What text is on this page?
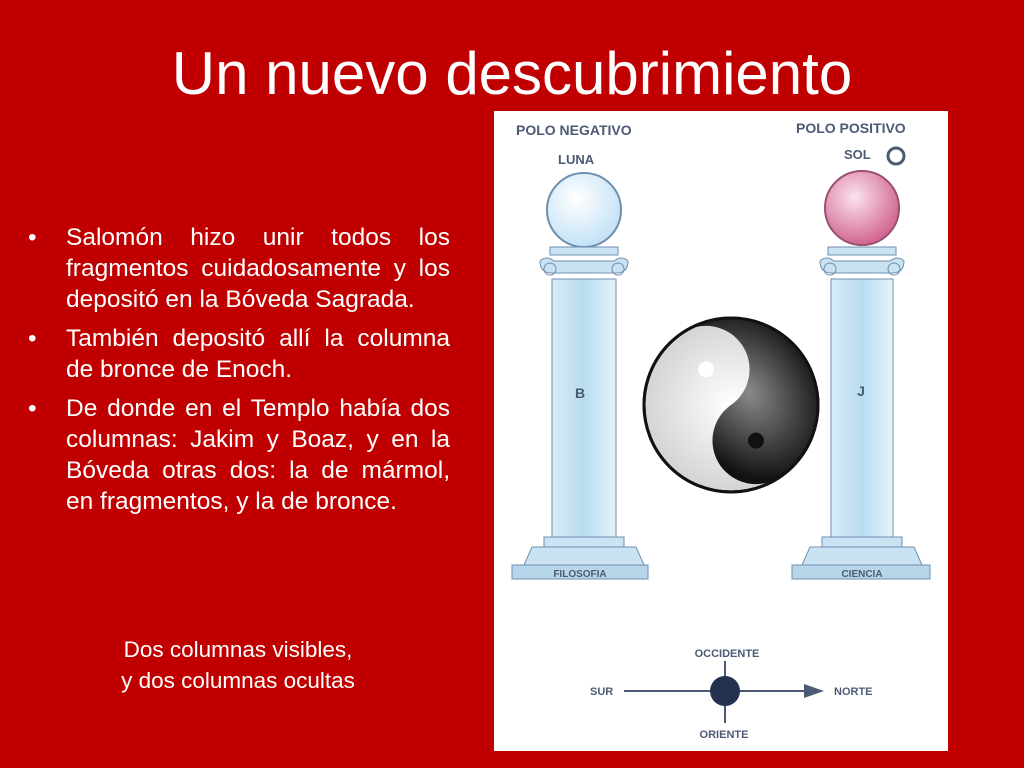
Un nuevo descubrimiento
• Salomón hizo unir todos los fragmentos cuidadosamente y los depositó en la Bóveda Sagrada.
• También depositó allí la columna de bronce de Enoch.
• De donde en el Templo había dos columnas: Jakim y Boaz, y en la Bóveda otras dos: la de mármol, en fragmentos, y la de bronce.
Dos columnas visibles,
y dos columnas ocultas
POLO NEGATIVO
LUNA
POLO POSITIVO
SOL
B
FILOSOFIA
J
CIENCIA
OCCIDENTE
ORIENTE
SUR	NORTE
